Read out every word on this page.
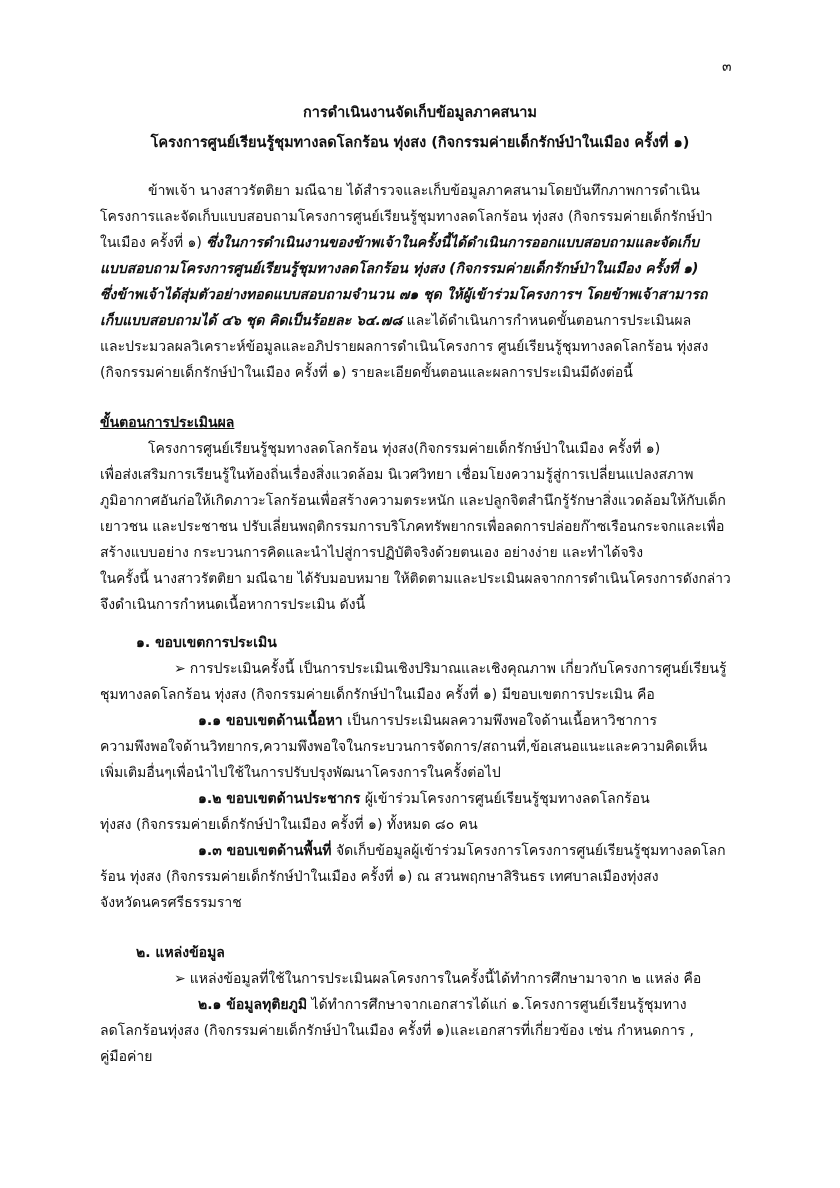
๓
การดำเนินงานจัดเก็บข้อมูลภาคสนาม
โครงการศูนย์เรียนรู้ชุมทางลดโลกร้อน ทุ่งสง (กิจกรรมค่ายเด็กรักษ์ป่าในเมือง ครั้งที่ ๑)
ข้าพเจ้า นางสาวรัตติยา มณีฉาย ได้สำรวจและเก็บข้อมูลภาคสนามโดยบันทึกภาพการดำเนิน
โครงการและจัดเก็บแบบสอบถามโครงการศูนย์เรียนรู้ชุมทางลดโลกร้อน ทุ่งสง (กิจกรรมค่ายเด็กรักษ์ป่า
ในเมือง ครั้งที่ ๑) ซึ่งในการดำเนินงานของข้าพเจ้าในครั้งนี้ได้ดำเนินการออกแบบสอบถามและจัดเก็บ
แบบสอบถามโครงการศูนย์เรียนรู้ชุมทางลดโลกร้อน ทุ่งสง (กิจกรรมค่ายเด็กรักษ์ป่าในเมือง ครั้งที่ ๑)
ซึ่งข้าพเจ้าได้สุ่มตัวอย่างทอดแบบสอบถามจำนวน ๗๑ ชุด ให้ผู้เข้าร่วมโครงการฯ โดยข้าพเจ้าสามารถ
เก็บแบบสอบถามได้ ๔๖ ชุด คิดเป็นร้อยละ ๖๔.๗๘ และได้ดำเนินการกำหนดขั้นตอนการประเมินผล
และประมวลผลวิเคราะห์ข้อมูลและอภิปรายผลการดำเนินโครงการ ศูนย์เรียนรู้ชุมทางลดโลกร้อน ทุ่งสง
(กิจกรรมค่ายเด็กรักษ์ป่าในเมือง ครั้งที่ ๑) รายละเอียดขั้นตอนและผลการประเมินมีดังต่อนี้
ขั้นตอนการประเมินผล
โครงการศูนย์เรียนรู้ชุมทางลดโลกร้อน ทุ่งสง(กิจกรรมค่ายเด็กรักษ์ป่าในเมือง ครั้งที่ ๑)
เพื่อส่งเสริมการเรียนรู้ในท้องถิ่นเรื่องสิ่งแวดล้อม นิเวศวิทยา เชื่อมโยงความรู้สู่การเปลี่ยนแปลงสภาพ
ภูมิอากาศอันก่อให้เกิดภาวะโลกร้อนเพื่อสร้างความตระหนัก และปลูกจิตสำนึกรู้รักษาสิ่งแวดล้อมให้กับเด็ก
เยาวชน และประชาชน ปรับเลี่ยนพฤติกรรมการบริโภคทรัพยากรเพื่อลดการปล่อยก๊าซเรือนกระจกและเพื่อ
สร้างแบบอย่าง กระบวนการคิดและนำไปสู่การปฏิบัติจริงด้วยตนเอง อย่างง่าย และทำได้จริง
ในครั้งนี้ นางสาวรัตติยา มณีฉาย ได้รับมอบหมาย ให้ติดตามและประเมินผลจากการดำเนินโครงการดังกล่าว
จึงดำเนินการกำหนดเนื้อหาการประเมิน ดังนี้
๑. ขอบเขตการประเมิน
➢ การประเมินครั้งนี้ เป็นการประเมินเชิงปริมาณและเชิงคุณภาพ เกี่ยวกับโครงการศูนย์เรียนรู้
ชุมทางลดโลกร้อน ทุ่งสง (กิจกรรมค่ายเด็กรักษ์ป่าในเมือง ครั้งที่ ๑) มีขอบเขตการประเมิน คือ
๑.๑ ขอบเขตด้านเนื้อหา เป็นการประเมินผลความพึงพอใจด้านเนื้อหาวิชาการ
ความพึงพอใจด้านวิทยากร,ความพึงพอใจในกระบวนการจัดการ/สถานที่,ข้อเสนอแนะและความคิดเห็น
เพิ่มเติมอื่นๆเพื่อนำไปใช้ในการปรับปรุงพัฒนาโครงการในครั้งต่อไป
๑.๒ ขอบเขตด้านประชากร ผู้เข้าร่วมโครงการศูนย์เรียนรู้ชุมทางลดโลกร้อน
ทุ่งสง (กิจกรรมค่ายเด็กรักษ์ป่าในเมือง ครั้งที่ ๑) ทั้งหมด ๘๐ คน
๑.๓ ขอบเขตด้านพื้นที่ จัดเก็บข้อมูลผู้เข้าร่วมโครงการโครงการศูนย์เรียนรู้ชุมทางลดโลก
ร้อน ทุ่งสง (กิจกรรมค่ายเด็กรักษ์ป่าในเมือง ครั้งที่ ๑) ณ สวนพฤกษาสิรินธร เทศบาลเมืองทุ่งสง
จังหวัดนครศรีธรรมราช
๒. แหล่งข้อมูล
➢ แหล่งข้อมูลที่ใช้ในการประเมินผลโครงการในครั้งนี้ได้ทำการศึกษามาจาก ๒ แหล่ง คือ
๒.๑ ข้อมูลทุติยภูมิ ได้ทำการศึกษาจากเอกสารได้แก่ ๑.โครงการศูนย์เรียนรู้ชุมทาง
ลดโลกร้อนทุ่งสง (กิจกรรมค่ายเด็กรักษ์ป่าในเมือง ครั้งที่ ๑)และเอกสารที่เกี่ยวข้อง เช่น กำหนดการ ,
คู่มือค่าย
